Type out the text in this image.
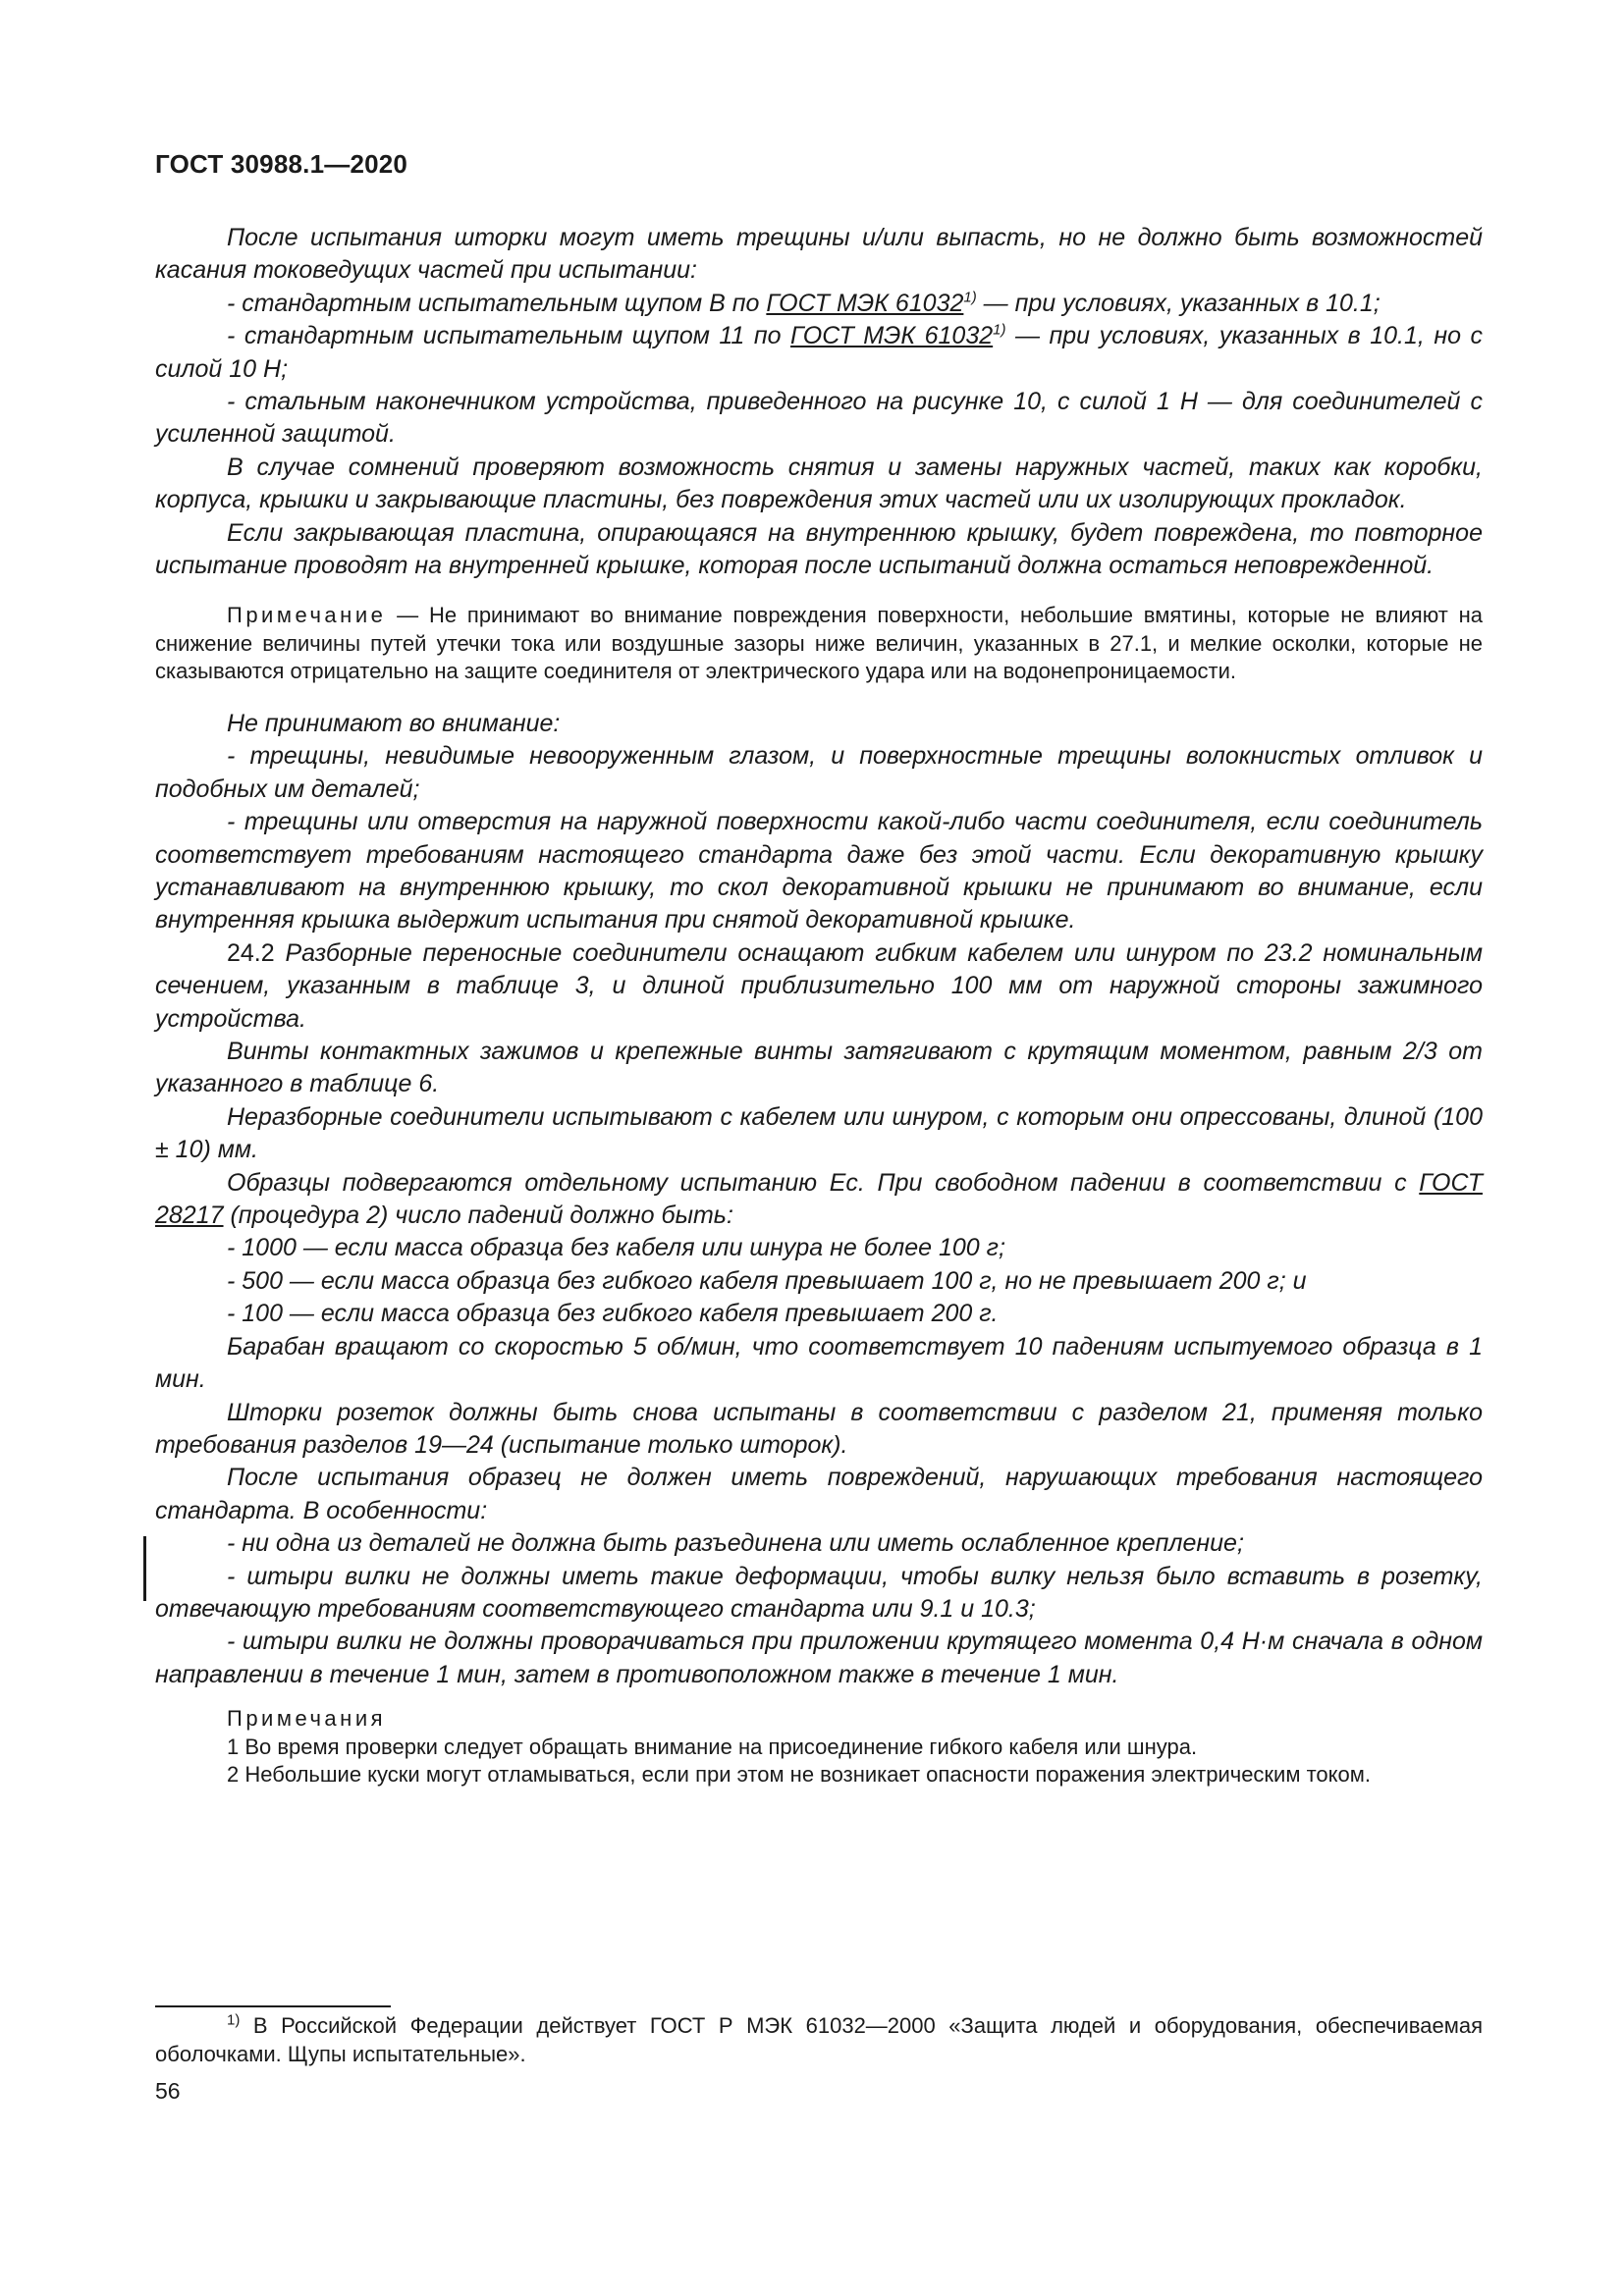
ГОСТ 30988.1—2020

После испытания шторки могут иметь трещины и/или выпасть, но не должно быть возможностей касания токоведущих частей при испытании:

- стандартным испытательным щупом B по ГОСТ МЭК 61032$^{1)}$ — при условиях, указанных в 10.1;

- стандартным испытательным щупом 11 по ГОСТ МЭК 61032$^{1)}$ — при условиях, указанных в 10.1, но с силой 10 Н;

- стальным наконечником устройства, приведенного на рисунке 10, с силой 1 Н — для соединителей с усиленной защитой.

В случае сомнений проверяют возможность снятия и замены наружных частей, таких как коробки, корпуса, крышки и закрывающие пластины, без повреждения этих частей или их изолирующих прокладок.

Если закрывающая пластина, опирающаяся на внутреннюю крышку, будет повреждена, то повторное испытание проводят на внутренней крышке, которая после испытаний должна остаться неповрежденной.

Примечание — Не принимают во внимание повреждения поверхности, небольшие вмятины, которые не влияют на снижение величины путей утечки тока или воздушные зазоры ниже величин, указанных в 27.1, и мелкие осколки, которые не сказываются отрицательно на защите соединителя от электрического удара или на водонепроницаемости.

Не принимают во внимание:

- трещины, невидимые невооруженным глазом, и поверхностные трещины волокнистых отливок и подобных им деталей;

- трещины или отверстия на наружной поверхности какой-либо части соединителя, если соединитель соответствует требованиям настоящего стандарта даже без этой части. Если декоративную крышку устанавливают на внутреннюю крышку, то скол декоративной крышки не принимают во внимание, если внутренняя крышка выдержит испытания при снятой декоративной крышке.

24.2 Разборные переносные соединители оснащают гибким кабелем или шнуром по 23.2 номинальным сечением, указанным в таблице 3, и длиной приблизительно 100 мм от наружной стороны зажимного устройства.

Винты контактных зажимов и крепежные винты затягивают с крутящим моментом, равным 2/3 от указанного в таблице 6.

Неразборные соединители испытывают с кабелем или шнуром, с которым они опрессованы, длиной (100 ± 10) мм.

Образцы подвергаются отдельному испытанию Ec. При свободном падении в соответствии с ГОСТ 28217 (процедура 2) число падений должно быть:

- 1000 — если масса образца без кабеля или шнура не более 100 г;

- 500 — если масса образца без гибкого кабеля превышает 100 г, но не превышает 200 г; и

- 100 — если масса образца без гибкого кабеля превышает 200 г.

Барабан вращают со скоростью 5 об/мин, что соответствует 10 падениям испытуемого образца в 1 мин.

Шторки розеток должны быть снова испытаны в соответствии с разделом 21, применяя только требования разделов 19—24 (испытание только шторок).

После испытания образец не должен иметь повреждений, нарушающих требования настоящего стандарта. В особенности:

- ни одна из деталей не должна быть разъединена или иметь ослабленное крепление;

- штыри вилки не должны иметь такие деформации, чтобы вилку нельзя было вставить в розетку, отвечающую требованиям соответствующего стандарта или 9.1 и 10.3;

- штыри вилки не должны проворачиваться при приложении крутящего момента 0,4 Н·м сначала в одном направлении в течение 1 мин, затем в противоположном также в течение 1 мин.

Примечания

1 Во время проверки следует обращать внимание на присоединение гибкого кабеля или шнура.

2 Небольшие куски могут отламываться, если при этом не возникает опасности поражения электрическим током.

$^{1)}$ В Российской Федерации действует ГОСТ Р МЭК 61032—2000 «Защита людей и оборудования, обеспечиваемая оболочками. Щупы испытательные».

56
